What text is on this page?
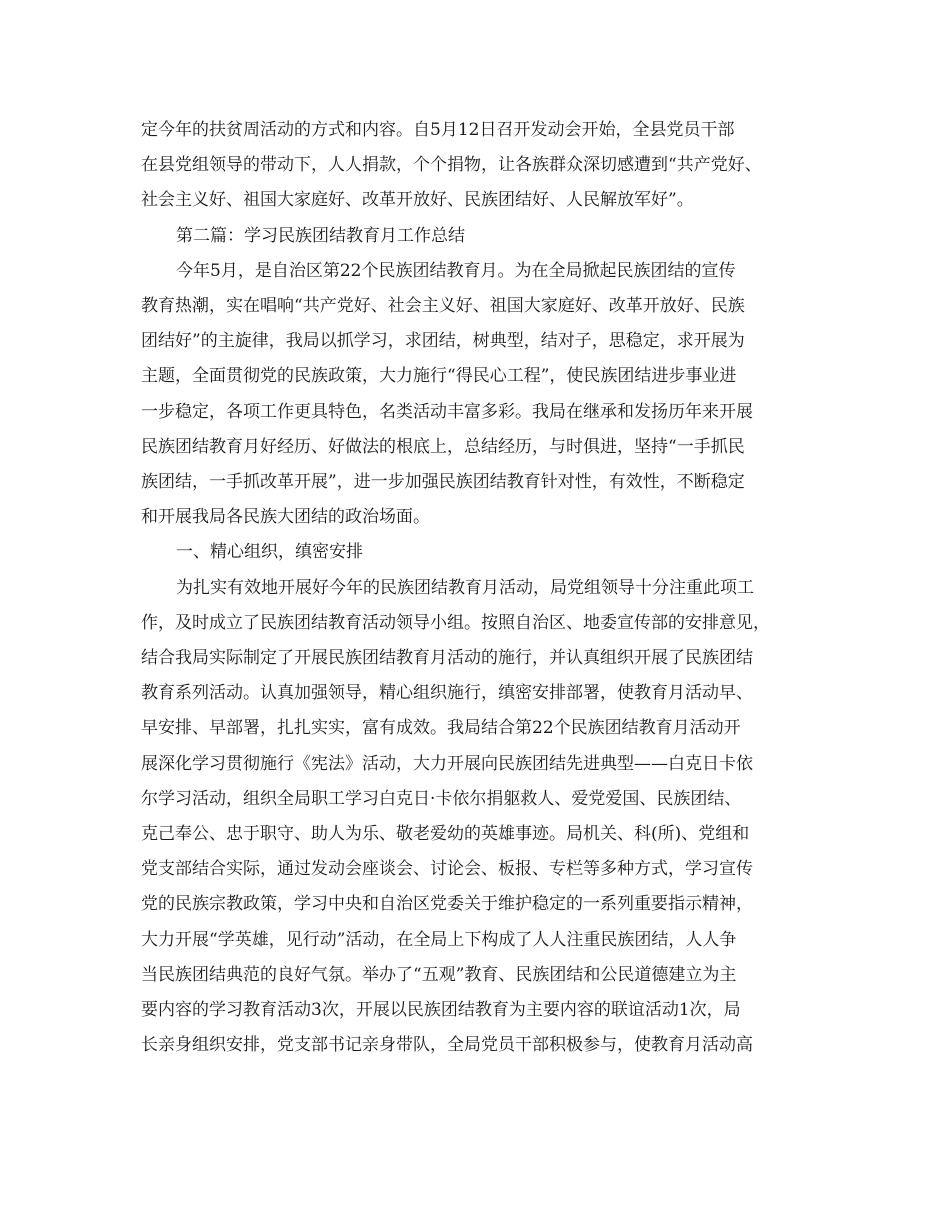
定今年的扶贫周活动的方式和内容。自5月12日召开发动会开始，全县党员干部
在县党组领导的带动下，人人捐款，个个捐物，让各族群众深切感遭到“共产党好、
社会主义好、祖国大家庭好、改革开放好、民族团结好、人民解放军好”。
第二篇：学习民族团结教育月工作总结
今年5月，是自治区第22个民族团结教育月。为在全局掀起民族团结的宣传
教育热潮，实在唱响“共产党好、社会主义好、祖国大家庭好、改革开放好、民族
团结好”的主旋律，我局以抓学习，求团结，树典型，结对子，思稳定，求开展为
主题，全面贯彻党的民族政策，大力施行“得民心工程”，使民族团结进步事业进
一步稳定，各项工作更具特色，名类活动丰富多彩。我局在继承和发扬历年来开展
民族团结教育月好经历、好做法的根底上，总结经历，与时俱进，坚持“一手抓民
族团结，一手抓改革开展”，进一步加强民族团结教育针对性，有效性，不断稳定
和开展我局各民族大团结的政治场面。
一、精心组织，缜密安排
为扎实有效地开展好今年的民族团结教育月活动，局党组领导十分注重此项工
作，及时成立了民族团结教育活动领导小组。按照自治区、地委宣传部的安排意见，
结合我局实际制定了开展民族团结教育月活动的施行，并认真组织开展了民族团结
教育系列活动。认真加强领导，精心组织施行，缜密安排部署，使教育月活动早、
早安排、早部署，扎扎实实，富有成效。我局结合第22个民族团结教育月活动开
展深化学习贯彻施行《宪法》活动，大力开展向民族团结先进典型——白克日卡依
尔学习活动，组织全局职工学习白克日·卡依尔捐躯救人、爱党爱国、民族团结、
克己奉公、忠于职守、助人为乐、敬老爱幼的英雄事迹。局机关、科(所)、党组和
党支部结合实际，通过发动会座谈会、讨论会、板报、专栏等多种方式，学习宣传
党的民族宗教政策，学习中央和自治区党委关于维护稳定的一系列重要指示精神，
大力开展“学英雄，见行动”活动，在全局上下构成了人人注重民族团结，人人争
当民族团结典范的良好气氛。举办了“五观”教育、民族团结和公民道德建立为主
要内容的学习教育活动3次，开展以民族团结教育为主要内容的联谊活动1次，局
长亲身组织安排，党支部书记亲身带队，全局党员干部积极参与，使教育月活动高
